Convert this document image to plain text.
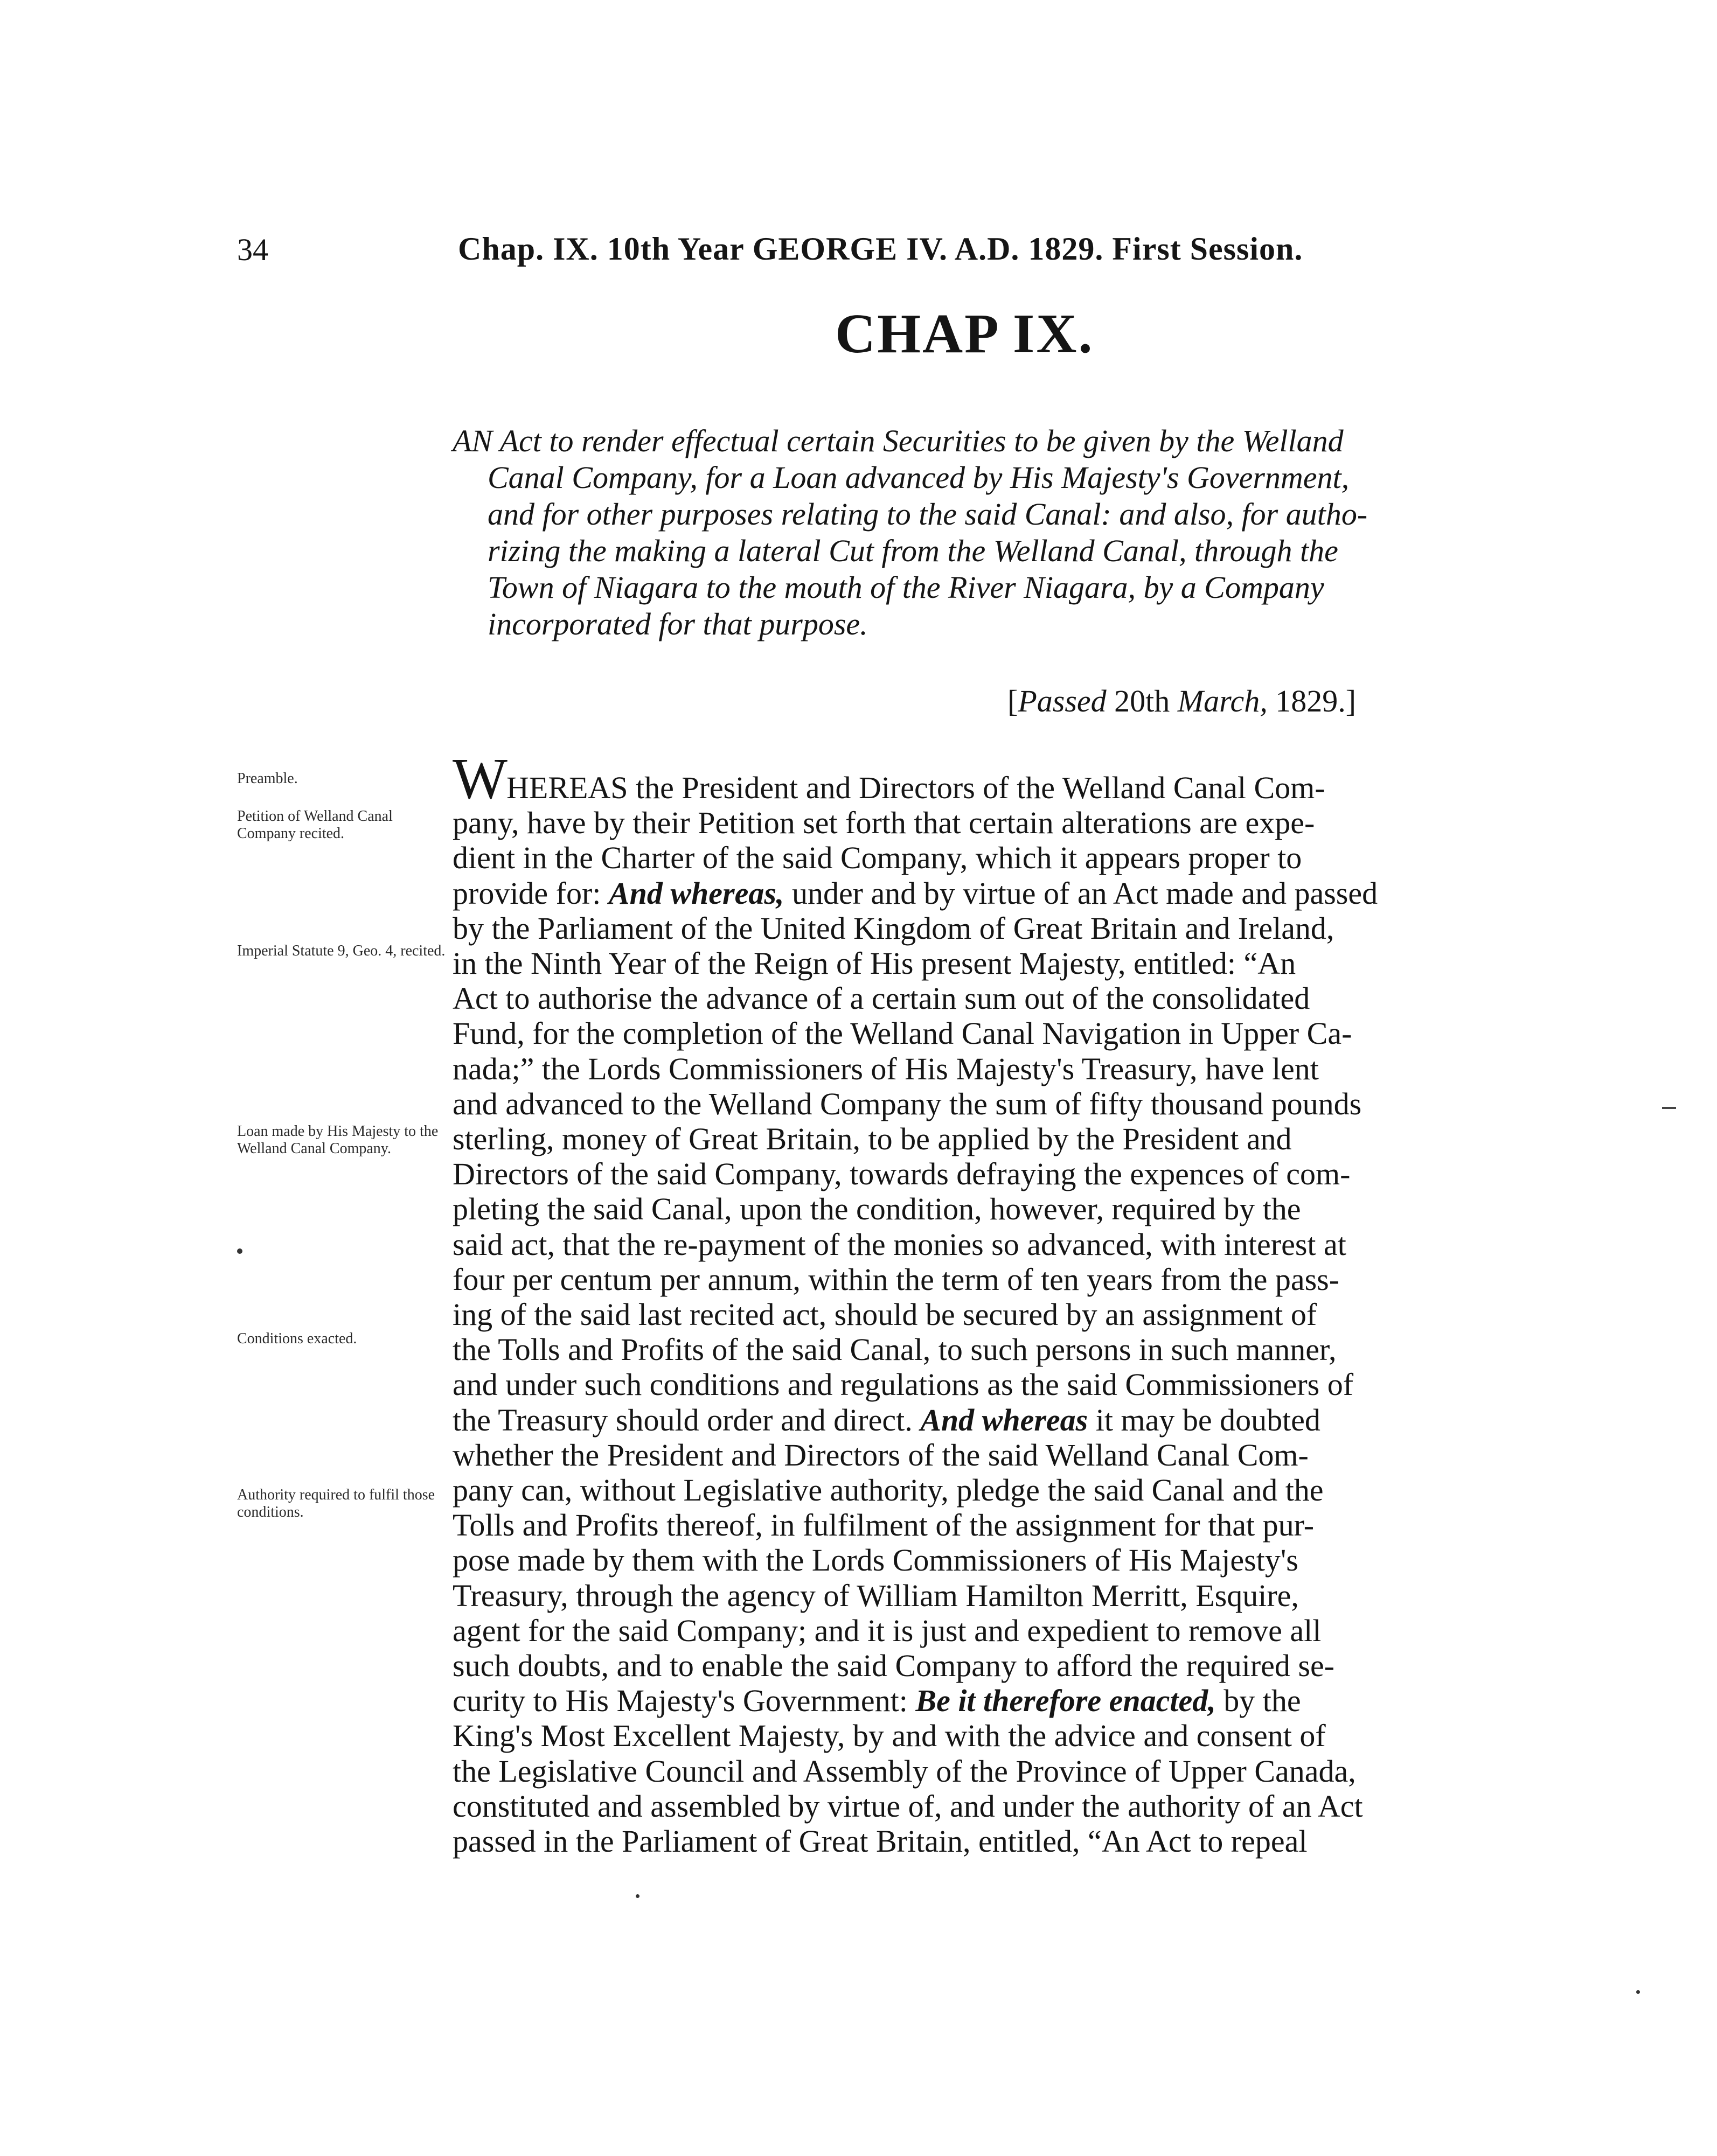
34	Chap. IX. 10th Year GEORGE IV. A.D. 1829. First Session.
CHAP IX.
AN Act to render effectual certain Securities to be given by the Welland
Canal Company, for a Loan advanced by His Majesty's Government,
and for other purposes relating to the said Canal: and also, for autho-
rizing the making a lateral Cut from the Welland Canal, through the
Town of Niagara to the mouth of the River Niagara, by a Company
incorporated for that purpose.
[Passed 20th March, 1829.]
Preamble.
Petition of Welland Canal Company recited.
Imperial Statute 9, Geo. 4, recited.
Loan made by His Majesty to the Welland Canal Company.
Conditions exacted.
Authority required to fulfil those conditions.
WHEREAS the President and Directors of the Welland Canal Com-
pany, have by their Petition set forth that certain alterations are expe-
dient in the Charter of the said Company, which it appears proper to
provide for: And whereas, under and by virtue of an Act made and passed
by the Parliament of the United Kingdom of Great Britain and Ireland,
in the Ninth Year of the Reign of His present Majesty, entitled: “An
Act to authorise the advance of a certain sum out of the consolidated
Fund, for the completion of the Welland Canal Navigation in Upper Ca-
nada;” the Lords Commissioners of His Majesty's Treasury, have lent
and advanced to the Welland Company the sum of fifty thousand pounds
sterling, money of Great Britain, to be applied by the President and
Directors of the said Company, towards defraying the expences of com-
pleting the said Canal, upon the condition, however, required by the
said act, that the re-payment of the monies so advanced, with interest at
four per centum per annum, within the term of ten years from the pass-
ing of the said last recited act, should be secured by an assignment of
the Tolls and Profits of the said Canal, to such persons in such manner,
and under such conditions and regulations as the said Commissioners of
the Treasury should order and direct. And whereas it may be doubted
whether the President and Directors of the said Welland Canal Com-
pany can, without Legislative authority, pledge the said Canal and the
Tolls and Profits thereof, in fulfilment of the assignment for that pur-
pose made by them with the Lords Commissioners of His Majesty's
Treasury, through the agency of William Hamilton Merritt, Esquire,
agent for the said Company; and it is just and expedient to remove all
such doubts, and to enable the said Company to afford the required se-
curity to His Majesty's Government: Be it therefore enacted, by the
King's Most Excellent Majesty, by and with the advice and consent of
the Legislative Council and Assembly of the Province of Upper Canada,
constituted and assembled by virtue of, and under the authority of an Act
passed in the Parliament of Great Britain, entitled, “An Act to repeal
